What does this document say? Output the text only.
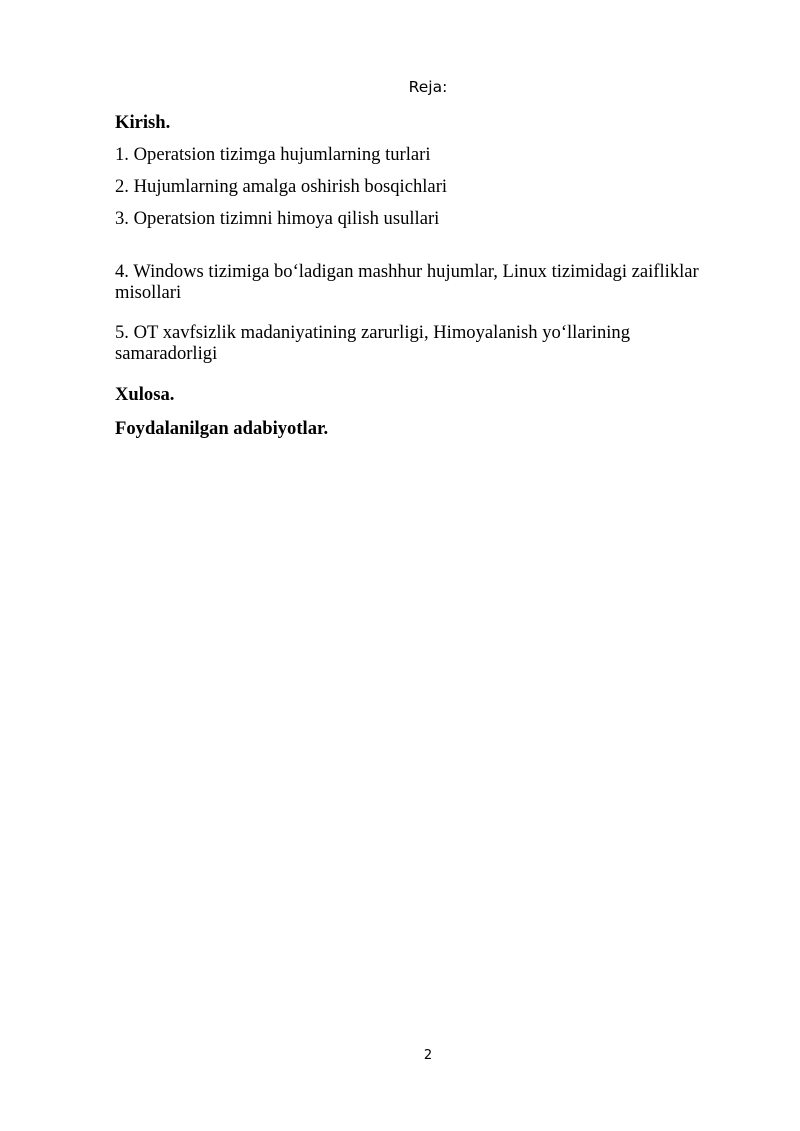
Reja:
Kirish.
1. Operatsion tizimga hujumlarning turlari
2. Hujumlarning amalga oshirish bosqichlari
3. Operatsion tizimni himoya qilish usullari
4. Windows tizimiga bo‘ladigan mashhur hujumlar, Linux tizimidagi zaifliklar misollari
5. OT xavfsizlik madaniyatining zarurligi, Himoyalanish yo‘llarining samaradorligi
Xulosa.
Foydalanilgan adabiyotlar.
2
